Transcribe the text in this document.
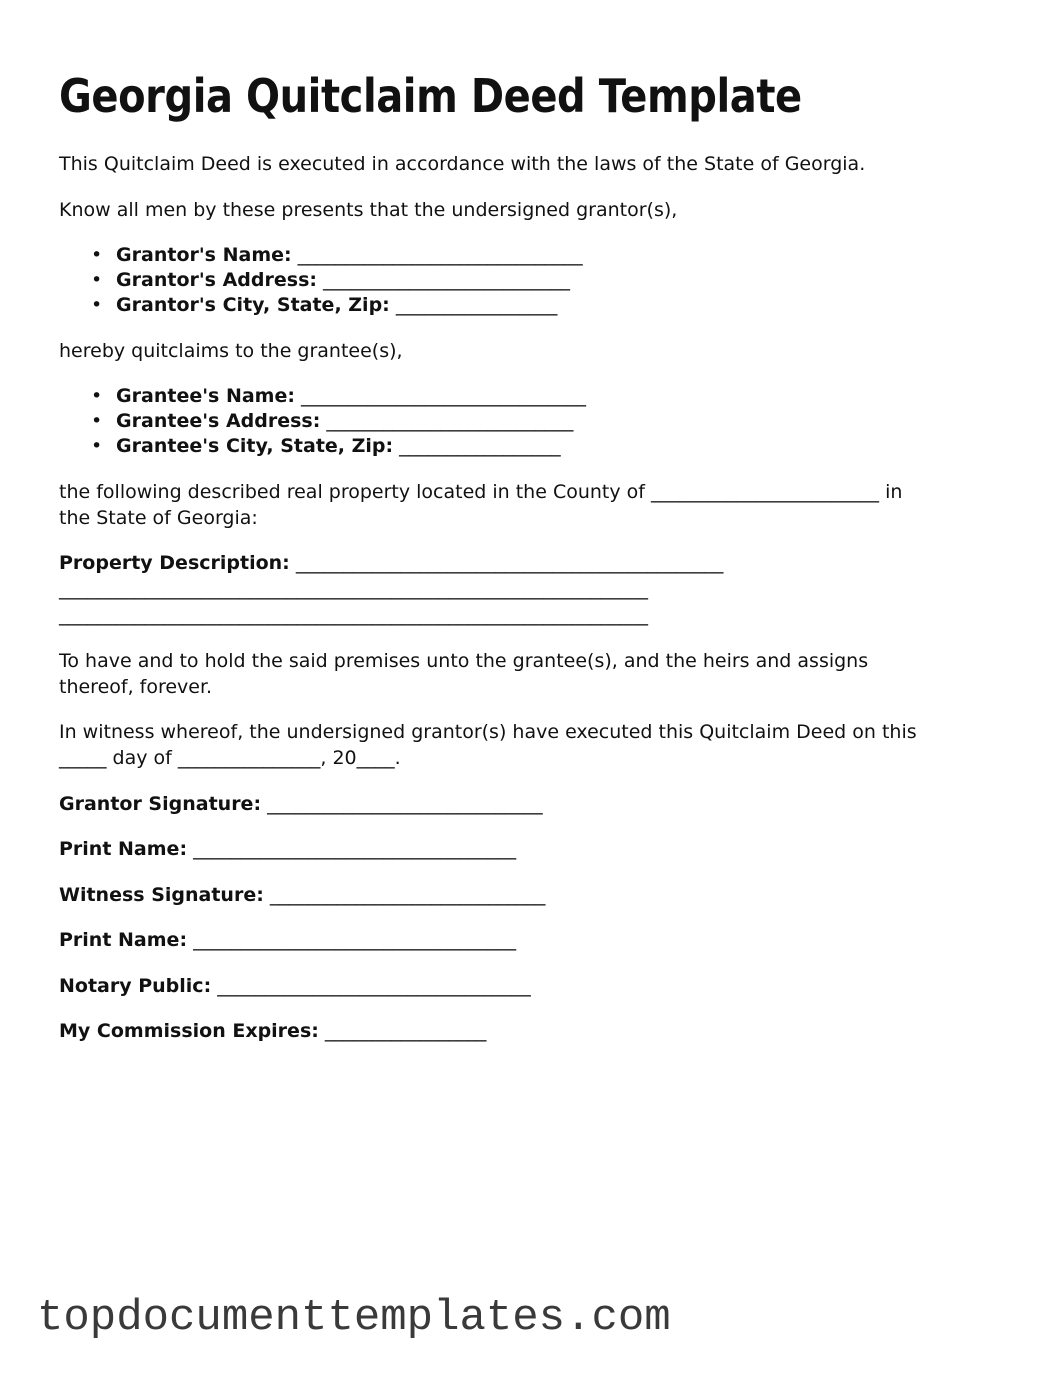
Georgia Quitclaim Deed Template

This Quitclaim Deed is executed in accordance with the laws of the State of Georgia.

Know all men by these presents that the undersigned grantor(s),

• Grantor's Name: ______________________________
• Grantor's Address: __________________________
• Grantor's City, State, Zip: _________________

hereby quitclaims to the grantee(s),

• Grantee's Name: ______________________________
• Grantee's Address: __________________________
• Grantee's City, State, Zip: _________________

the following described real property located in the County of ________________________ in
the State of Georgia:

Property Description: _____________________________________________
______________________________________________________________
______________________________________________________________

To have and to hold the said premises unto the grantee(s), and the heirs and assigns
thereof, forever.

In witness whereof, the undersigned grantor(s) have executed this Quitclaim Deed on this
_____ day of _______________, 20____.

Grantor Signature: _____________________________

Print Name: __________________________________

Witness Signature: _____________________________

Print Name: __________________________________

Notary Public: _________________________________

My Commission Expires: _________________

topdocumenttemplates.com
